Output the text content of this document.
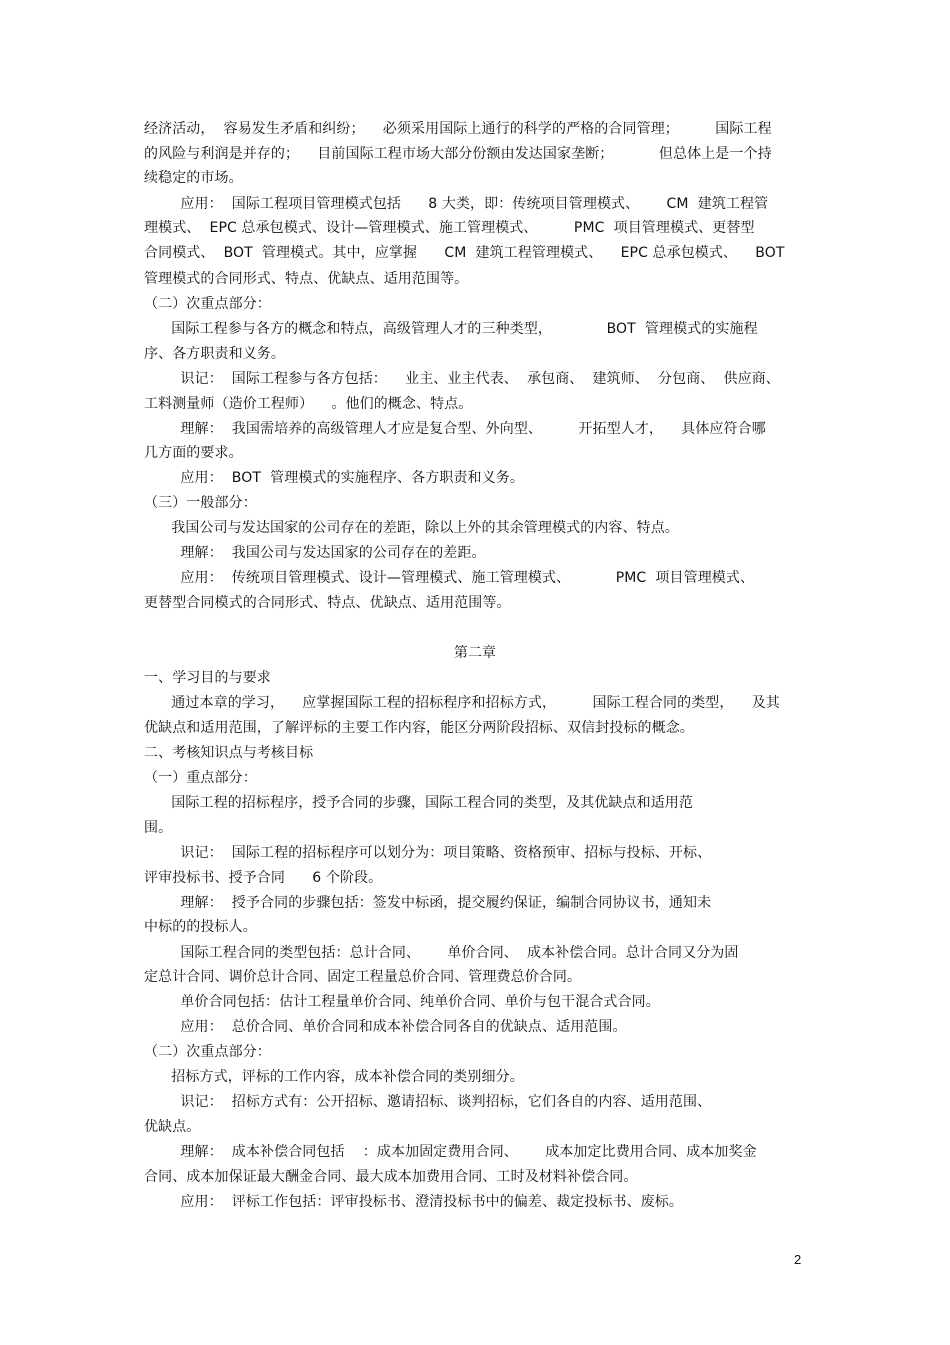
经济活动，  容易发生矛盾和纠纷；    必须采用国际上通行的科学的严格的合同管理；        国际工程
的风险与利润是并存的；    目前国际工程市场大部分份额由发达国家垄断；          但总体上是一个持
续稳定的市场。
应用：  国际工程项目管理模式包括      8 大类，即：传统项目管理模式、      CM  建筑工程管
理模式、  EPC 总承包模式、设计—管理模式、施工管理模式、        PMC  项目管理模式、更替型
合同模式、  BOT  管理模式。其中，应掌握      CM  建筑工程管理模式、    EPC 总承包模式、    BOT
管理模式的合同形式、特点、优缺点、适用范围等。
（二）次重点部分：
国际工程参与各方的概念和特点，高级管理人才的三种类型，            BOT  管理模式的实施程
序、各方职责和义务。
识记：  国际工程参与各方包括：    业主、业主代表、  承包商、  建筑师、  分包商、  供应商、
工料测量师（造价工程师）    。他们的概念、特点。
理解：  我国需培养的高级管理人才应是复合型、外向型、        开拓型人才，    具体应符合哪
几方面的要求。
应用：  BOT  管理模式的实施程序、各方职责和义务。
（三）一般部分：
我国公司与发达国家的公司存在的差距，除以上外的其余管理模式的内容、特点。
理解：  我国公司与发达国家的公司存在的差距。
应用：  传统项目管理模式、设计—管理模式、施工管理模式、          PMC  项目管理模式、
更替型合同模式的合同形式、特点、优缺点、适用范围等。
第二章
一、学习目的与要求
通过本章的学习，    应掌握国际工程的招标程序和招标方式，        国际工程合同的类型，    及其
优缺点和适用范围，了解评标的主要工作内容，能区分两阶段招标、双信封投标的概念。
二、考核知识点与考核目标
（一）重点部分：
国际工程的招标程序，授予合同的步骤，国际工程合同的类型，及其优缺点和适用范
围。
识记：  国际工程的招标程序可以划分为：项目策略、资格预审、招标与投标、开标、
评审投标书、授予合同      6 个阶段。
理解：  授予合同的步骤包括：签发中标函，提交履约保证，编制合同协议书，通知未
中标的的投标人。
国际工程合同的类型包括：总计合同、      单价合同、  成本补偿合同。总计合同又分为固
定总计合同、调价总计合同、固定工程量总价合同、管理费总价合同。
单价合同包括：估计工程量单价合同、纯单价合同、单价与包干混合式合同。
应用：  总价合同、单价合同和成本补偿合同各自的优缺点、适用范围。
（二）次重点部分：
招标方式，评标的工作内容，成本补偿合同的类别细分。
识记：  招标方式有：公开招标、邀请招标、谈判招标，它们各自的内容、适用范围、
优缺点。
理解：  成本补偿合同包括    ：成本加固定费用合同、      成本加定比费用合同、成本加奖金
合同、成本加保证最大酬金合同、最大成本加费用合同、工时及材料补偿合同。
应用：  评标工作包括：评审投标书、澄清投标书中的偏差、裁定投标书、废标。
2
